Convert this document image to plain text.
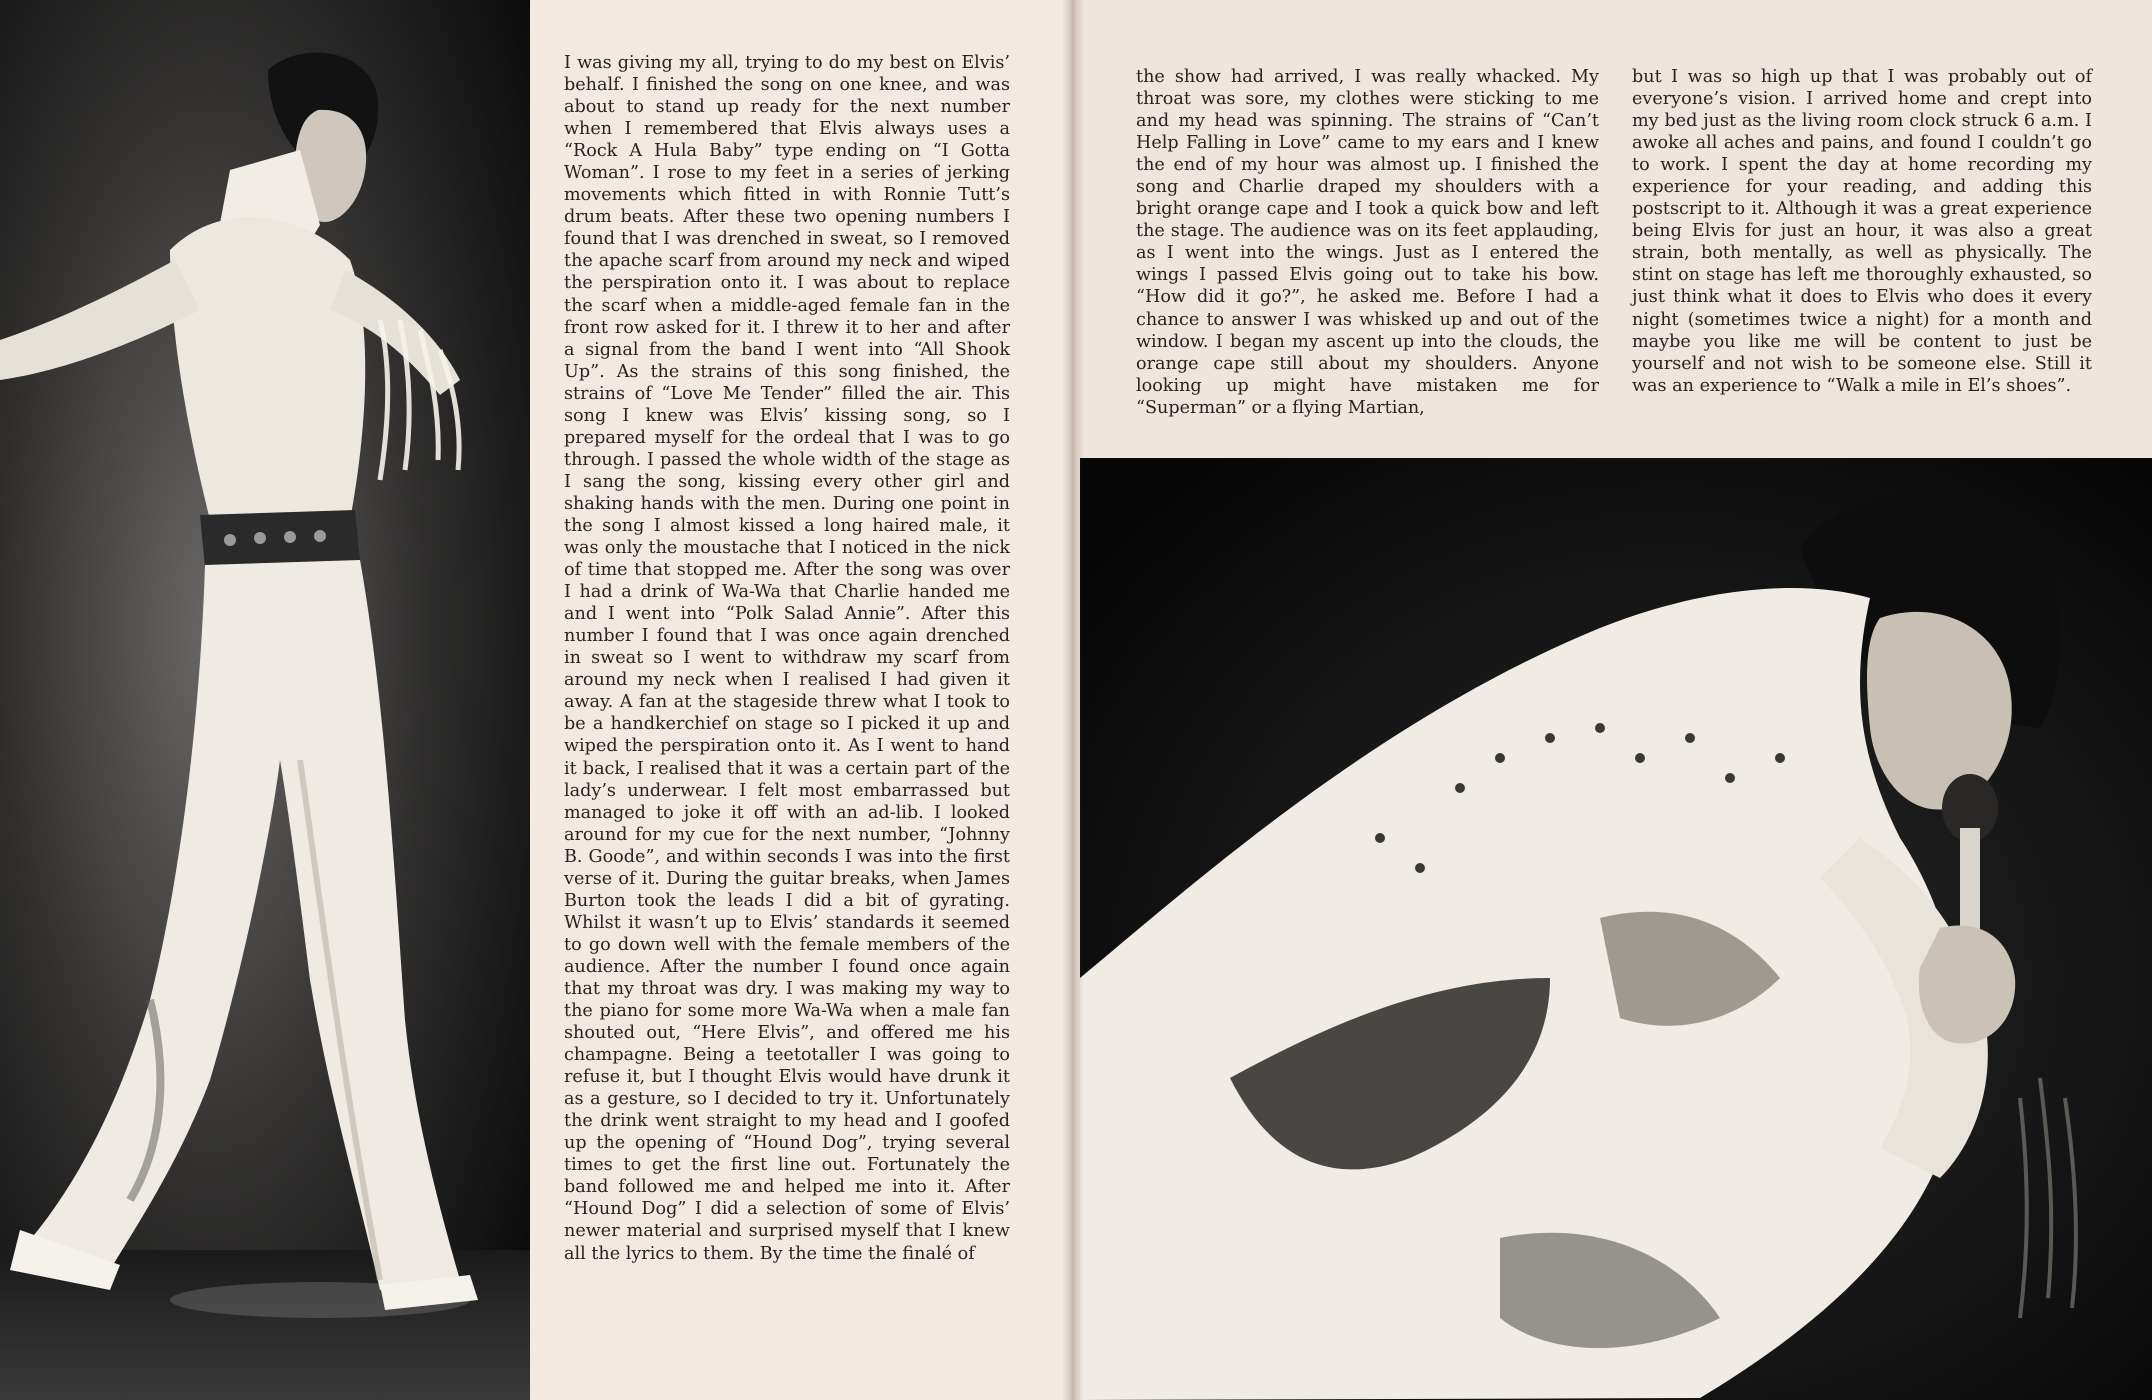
I was giving my all, trying to do my best on Elvis’ behalf. I finished the song on one knee, and was about to stand up ready for the next number when I remembered that Elvis always uses a “Rock A Hula Baby” type ending on “I Gotta Woman”. I rose to my feet in a series of jerking movements which fitted in with Ronnie Tutt’s drum beats. After these two opening numbers I found that I was drenched in sweat, so I removed the apache scarf from around my neck and wiped the perspiration onto it. I was about to replace the scarf when a middle-aged female fan in the front row asked for it. I threw it to her and after a signal from the band I went into “All Shook Up”. As the strains of this song finished, the strains of “Love Me Tender” filled the air. This song I knew was Elvis’ kissing song, so I prepared myself for the ordeal that I was to go through. I passed the whole width of the stage as I sang the song, kissing every other girl and shaking hands with the men. During one point in the song I almost kissed a long haired male, it was only the moustache that I noticed in the nick of time that stopped me. After the song was over I had a drink of Wa-Wa that Charlie handed me and I went into “Polk Salad Annie”. After this number I found that I was once again drenched in sweat so I went to withdraw my scarf from around my neck when I realised I had given it away. A fan at the stageside threw what I took to be a handkerchief on stage so I picked it up and wiped the perspiration onto it. As I went to hand it back, I realised that it was a certain part of the lady’s underwear. I felt most embarrassed but managed to joke it off with an ad-lib. I looked around for my cue for the next number, “Johnny B. Goode”, and within seconds I was into the first verse of it. During the guitar breaks, when James Burton took the leads I did a bit of gyrating. Whilst it wasn’t up to Elvis’ standards it seemed to go down well with the female members of the audience. After the number I found once again that my throat was dry. I was making my way to the piano for some more Wa-Wa when a male fan shouted out, “Here Elvis”, and offered me his champagne. Being a teetotaller I was going to refuse it, but I thought Elvis would have drunk it as a gesture, so I decided to try it. Unfortunately the drink went straight to my head and I goofed up the opening of “Hound Dog”, trying several times to get the first line out. Fortunately the band followed me and helped me into it. After “Hound Dog” I did a selection of some of Elvis’ newer material and surprised myself that I knew all the lyrics to them. By the time the finalé of

the show had arrived, I was really whacked. My throat was sore, my clothes were sticking to me and my head was spinning. The strains of “Can’t Help Falling in Love” came to my ears and I knew the end of my hour was almost up. I finished the song and Charlie draped my shoulders with a bright orange cape and I took a quick bow and left the stage. The audience was on its feet applauding, as I went into the wings. Just as I entered the wings I passed Elvis going out to take his bow. “How did it go?”, he asked me. Before I had a chance to answer I was whisked up and out of the window. I began my ascent up into the clouds, the orange cape still about my shoulders. Anyone looking up might have mistaken me for “Superman” or a flying Martian,

but I was so high up that I was probably out of everyone’s vision. I arrived home and crept into my bed just as the living room clock struck 6 a.m. I awoke all aches and pains, and found I couldn’t go to work. I spent the day at home recording my experience for your reading, and adding this postscript to it. Although it was a great experience being Elvis for just an hour, it was also a great strain, both mentally, as well as physically. The stint on stage has left me thoroughly exhausted, so just think what it does to Elvis who does it every night (sometimes twice a night) for a month and maybe you like me will be content to just be yourself and not wish to be someone else. Still it was an experience to “Walk a mile in El’s shoes”.
